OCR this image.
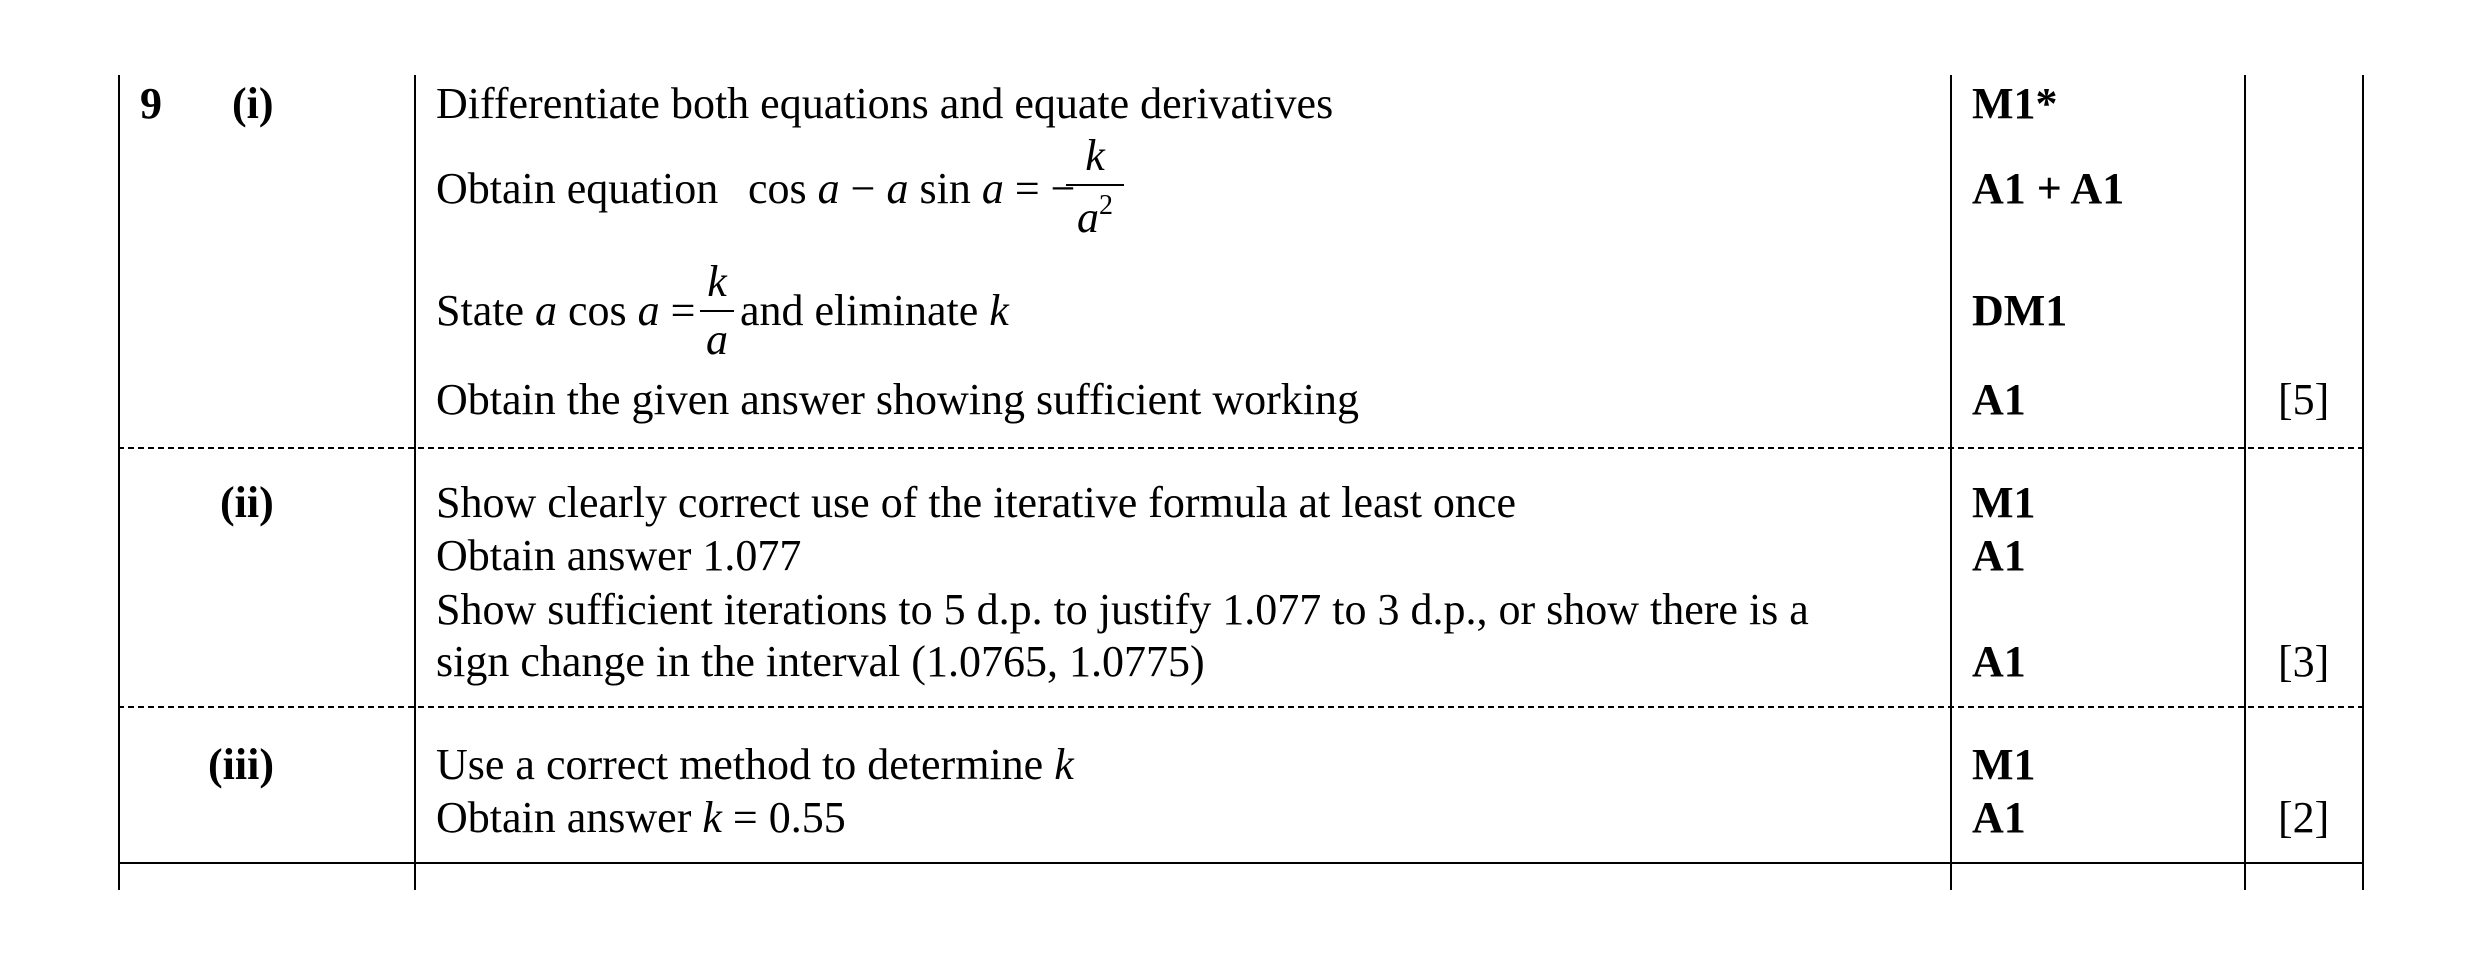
9 (i)	Differentiate both equations and equate derivatives	M1*
Obtain equation cos a − a sin a = −
k
$a^2$	A1 + A1
State a cos a =
k
a
and eliminate k	DM1
Obtain the given answer showing sufficient working	A1	[5]
(ii)	Show clearly correct use of the iterative formula at least once	M1
Obtain answer 1.077	A1
Show sufficient iterations to 5 d.p. to justify 1.077 to 3 d.p., or show there is a
sign change in the interval (1.0765, 1.0775)	A1	[3]
(iii)	Use a correct method to determine k	M1
Obtain answer k = 0.55	A1	[2]
